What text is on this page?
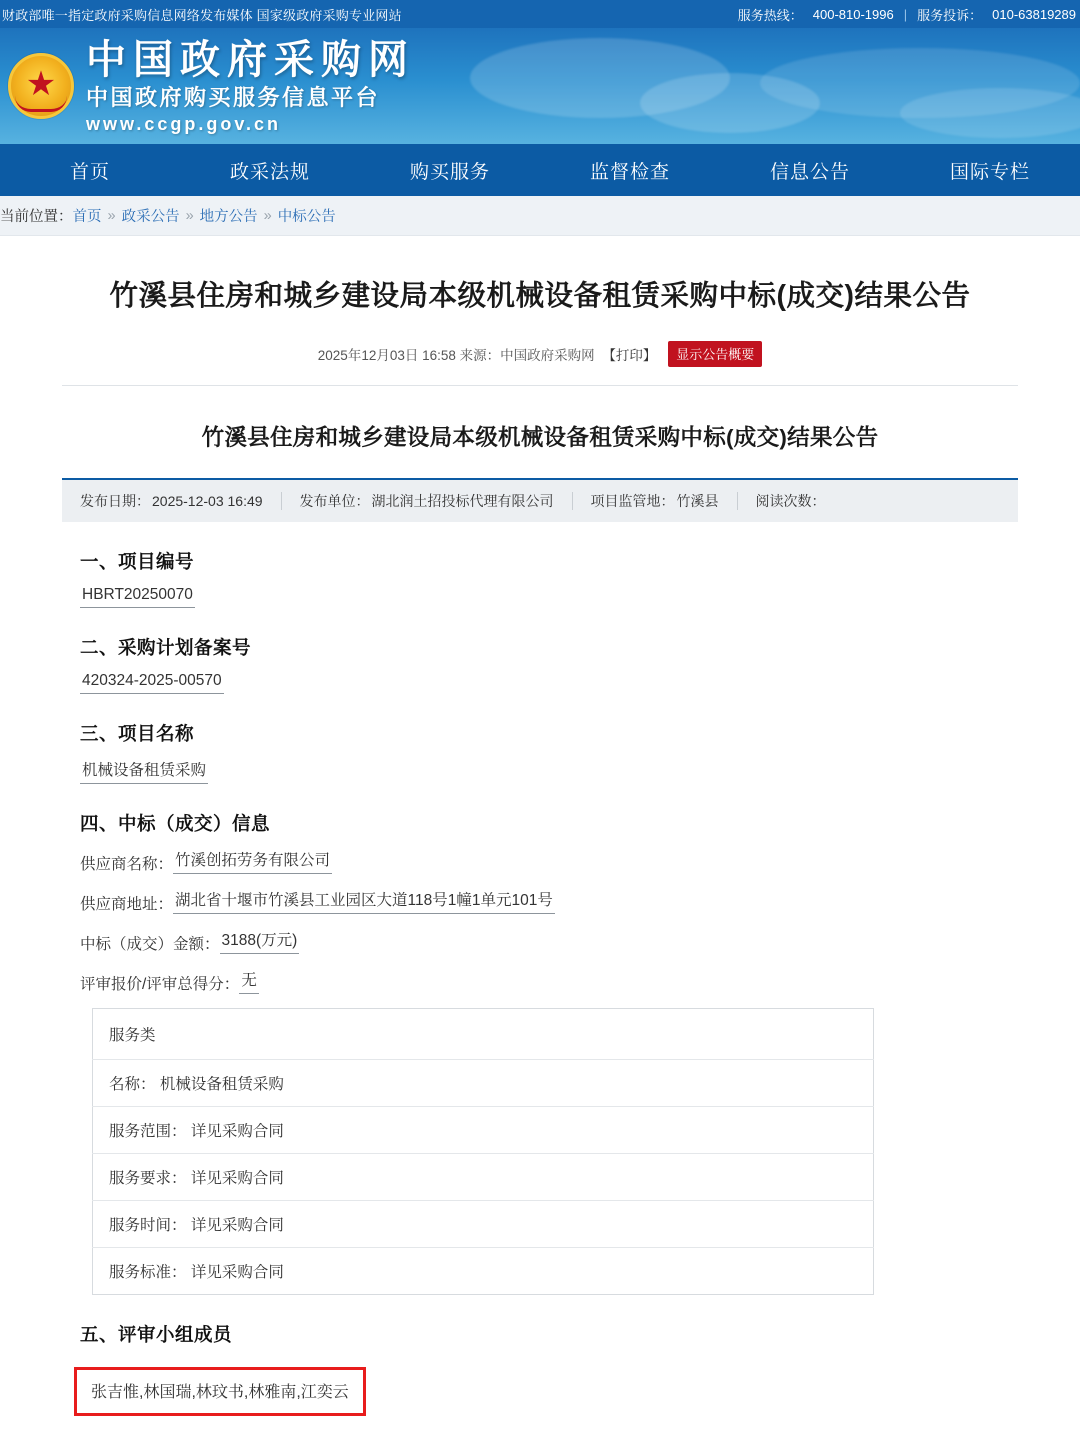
财政部唯一指定政府采购信息网络发布媒体 国家级政府采购专业网站	服务热线： 400-810-1996 | 服务投诉： 010-63819289
★
中国政府采购网
中国政府购买服务信息平台
www.ccgp.gov.cn
首页	政采法规	购买服务	监督检查	信息公告	国际专栏
当前位置： 首页 » 政采公告 » 地方公告 » 中标公告
竹溪县住房和城乡建设局本级机械设备租赁采购中标(成交)结果公告
2025年12月03日 16:58 来源：中国政府采购网 【打印】 显示公告概要
竹溪县住房和城乡建设局本级机械设备租赁采购中标(成交)结果公告
发布日期： 2025-12-03 16:49	发布单位： 湖北润土招投标代理有限公司	项目监管地： 竹溪县	阅读次数：
一、项目编号
HBRT20250070
二、采购计划备案号
420324-2025-00570
三、项目名称
机械设备租赁采购
四、中标（成交）信息
供应商名称： 竹溪创拓劳务有限公司
供应商地址： 湖北省十堰市竹溪县工业园区大道118号1幢1单元101号
中标（成交）金额： 3188(万元)
评审报价/评审总得分： 无
服务类
名称： 机械设备租赁采购
服务范围： 详见采购合同
服务要求： 详见采购合同
服务时间： 详见采购合同
服务标准： 详见采购合同
五、评审小组成员
张吉惟,林国瑞,林玟书,林雅南,江奕云
